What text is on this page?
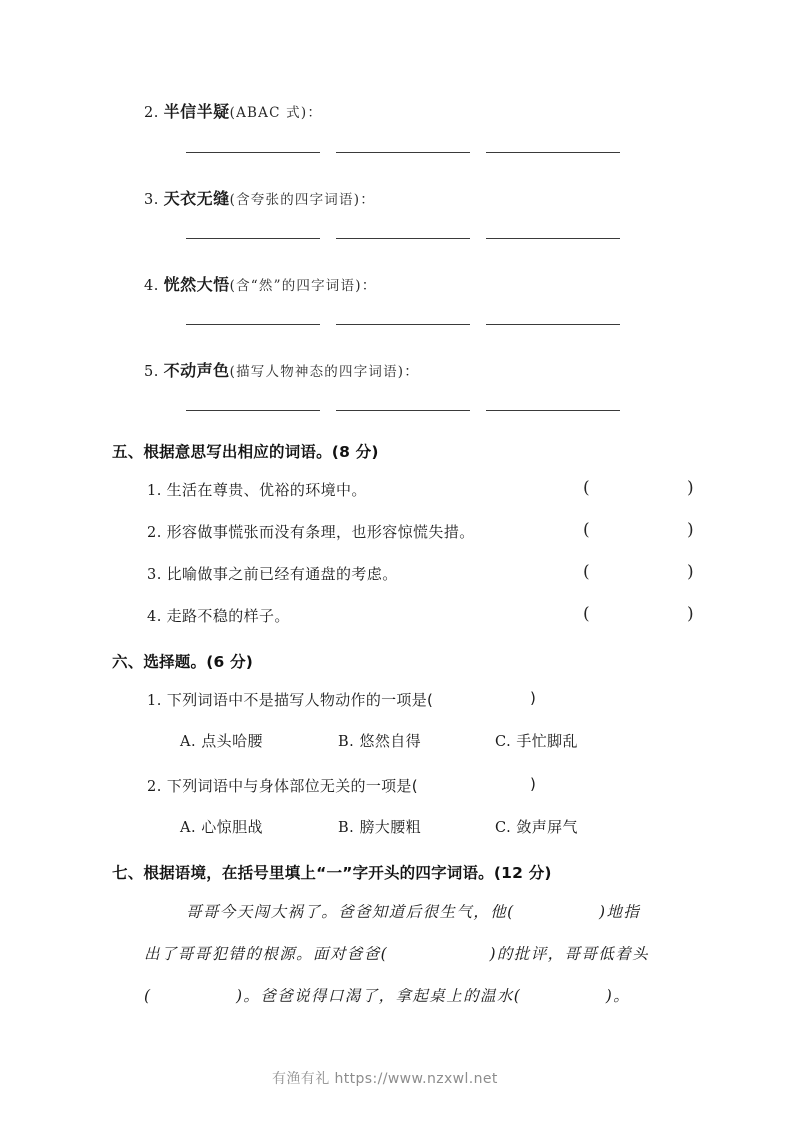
2. 半信半疑(ABAC 式)：
3. 天衣无缝(含夸张的四字词语)：
4. 恍然大悟(含“然”的四字词语)：
5. 不动声色(描写人物神态的四字词语)：
五、根据意思写出相应的词语。(8 分)
1. 生活在尊贵、优裕的环境中。	(	)
2. 形容做事慌张而没有条理，也形容惊慌失措。	(	)
3. 比喻做事之前已经有通盘的考虑。	(	)
4. 走路不稳的样子。	(	)
六、选择题。(6 分)
1. 下列词语中不是描写人物动作的一项是(	)
A. 点头哈腰	B. 悠然自得	C. 手忙脚乱
2. 下列词语中与身体部位无关的一项是(	)
A. 心惊胆战	B. 膀大腰粗	C. 敛声屏气
七、根据语境，在括号里填上“一”字开头的四字词语。(12 分)
哥哥今天闯大祸了。爸爸知道后很生气，他(　　　　　)地指
出了哥哥犯错的根源。面对爸爸(　　　　　　)的批评，哥哥低着头
(　　　　　)。爸爸说得口渴了，拿起桌上的温水(　　　　　)。
有渔有礼 https://www.nzxwl.net
